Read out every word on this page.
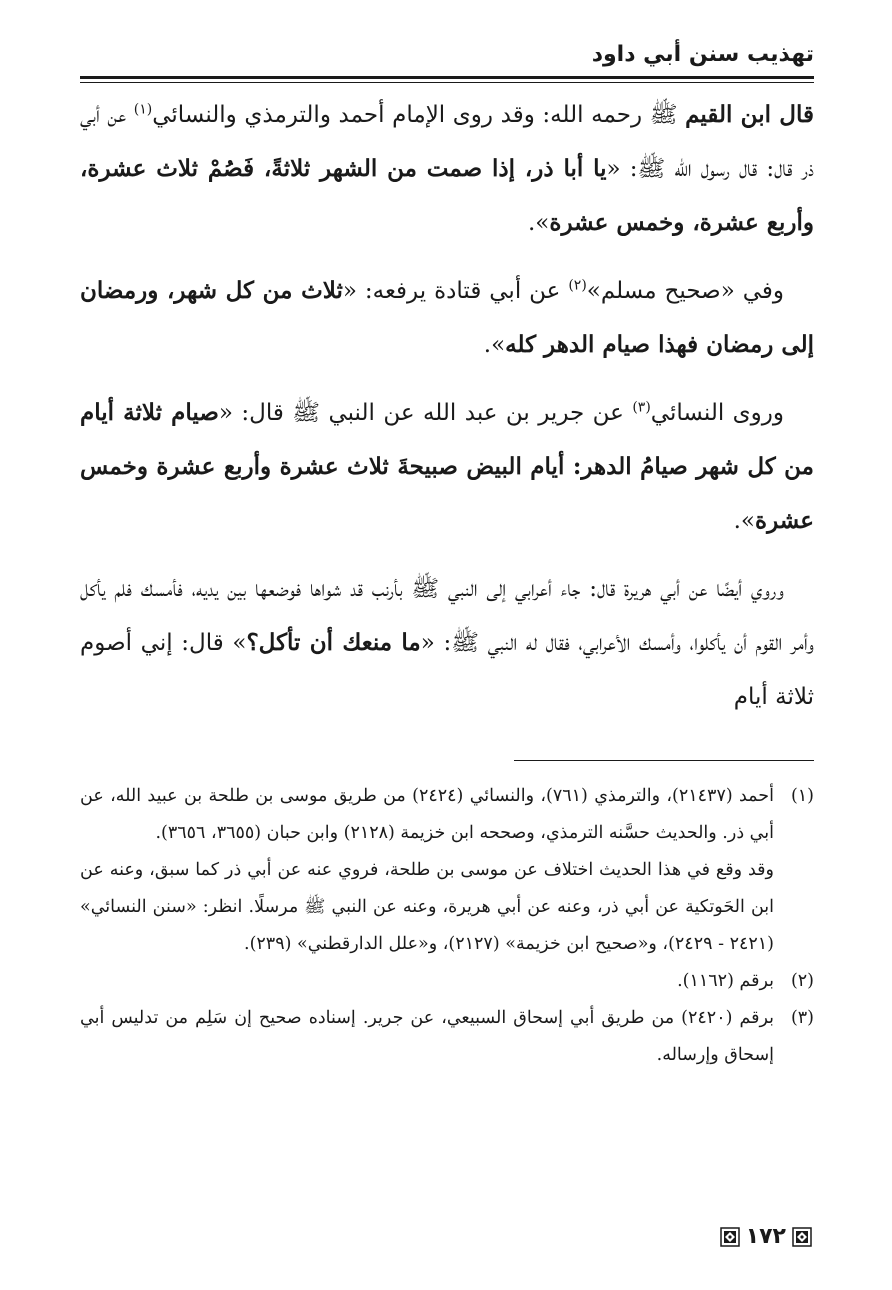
تهذيب سنن أبي داود

قال ابن القيم ﷺ رحمه الله: وقد روى الإمام أحمد والترمذي والنسائي$^{(١)}$ عن أبي ذر قال: قال رسول الله ﷺ: «يا أبا ذر، إذا صمت من الشهر ثلاثةً، فَصُمْ ثلاث عشرة، وأربع عشرة، وخمس عشرة».

وفي «صحيح مسلم»$^{(٢)}$ عن أبي قتادة يرفعه: «ثلاث من كل شهر، ورمضان إلى رمضان فهذا صيام الدهر كله».

وروى النسائي$^{(٣)}$ عن جرير بن عبد الله عن النبي ﷺ قال: «صيام ثلاثة أيام من كل شهر صيامُ الدهر: أيام البيض صبيحةَ ثلاث عشرة وأربع عشرة وخمس عشرة».

وروي أيضًا عن أبي هريرة قال: جاء أعرابي إلى النبي ﷺ بأرنب قد شواها فوضعها بين يديه، فأمسك فلم يأكل وأمر القوم أن يأكلوا، وأمسك الأعرابي، فقال له النبي ﷺ: «ما منعك أن تأكل؟» قال: إني أصوم ثلاثة أيام

(١)
أحمد (٢١٤٣٧)، والترمذي (٧٦١)، والنسائي (٢٤٢٤) من طريق موسى بن طلحة بن عبيد الله، عن أبي ذر. والحديث حسَّنه الترمذي، وصححه ابن خزيمة (٢١٢٨) وابن حبان (٣٦٥٥، ٣٦٥٦).
وقد وقع في هذا الحديث اختلاف عن موسى بن طلحة، فروي عنه عن أبي ذر كما سبق، وعنه عن ابن الحَوتكية عن أبي ذر، وعنه عن أبي هريرة، وعنه عن النبي ﷺ مرسلًا. انظر: «سنن النسائي» (٢٤٢١ - ٢٤٢٩)، و«صحيح ابن خزيمة» (٢١٢٧)، و«علل الدارقطني» (٢٣٩).
(٢)
برقم (١١٦٢).
(٣)
برقم (٢٤٢٠) من طريق أبي إسحاق السبيعي، عن جرير. إسناده صحيح إن سَلِم من تدليس أبي إسحاق وإرساله.
١٧٢
